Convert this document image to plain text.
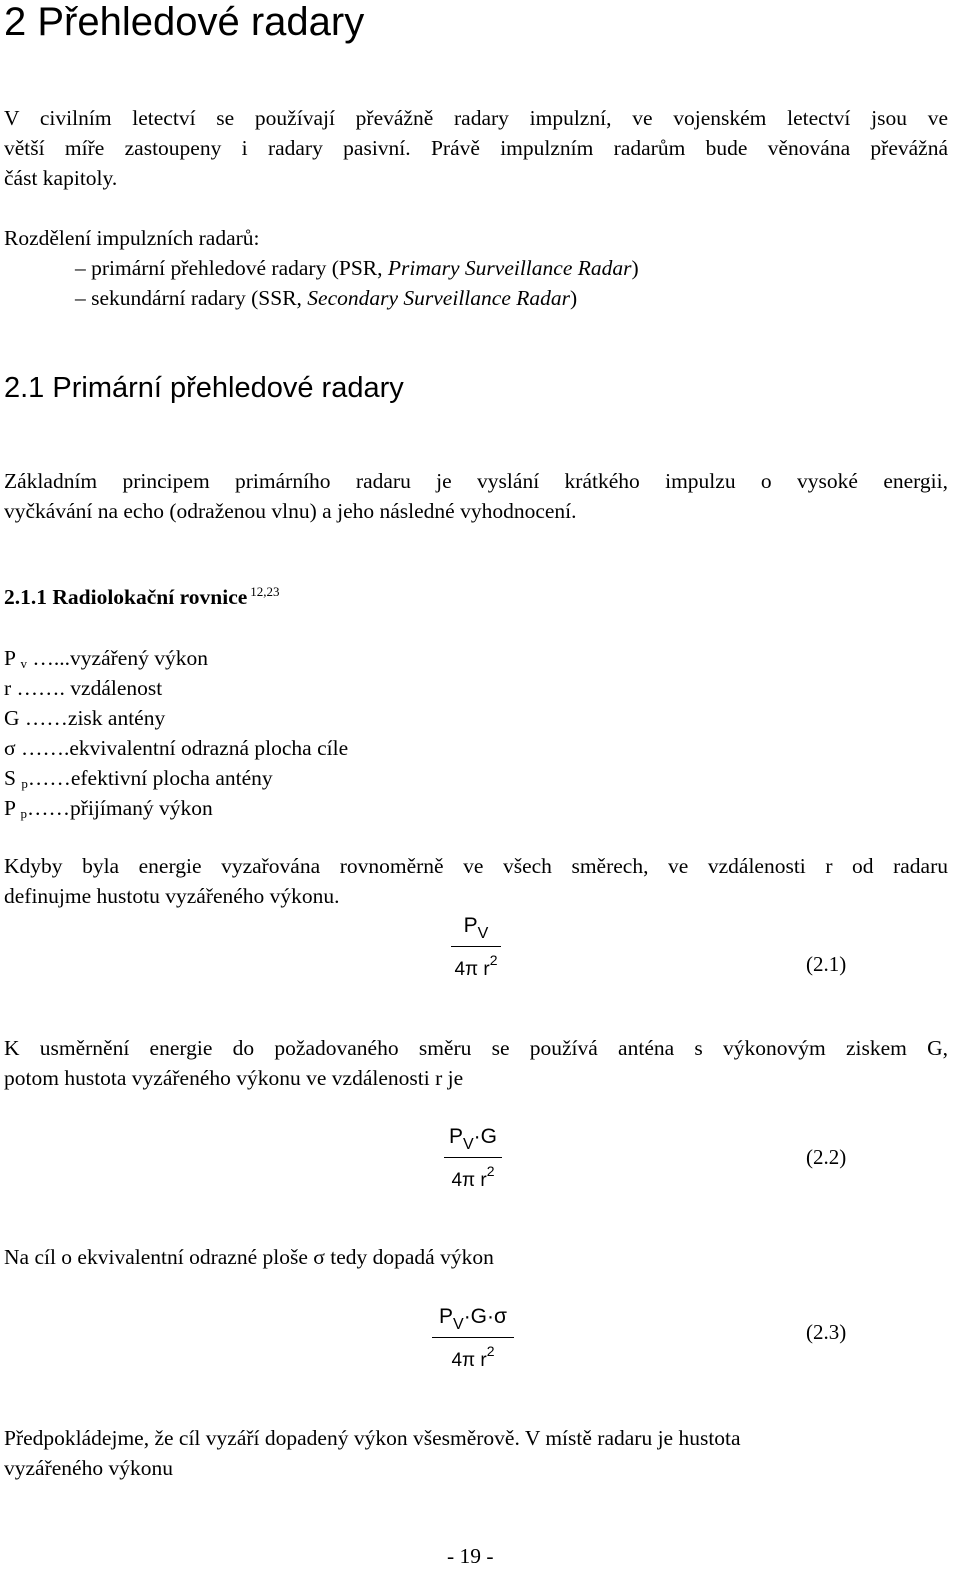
2 Přehledové radary
V civilním letectví se používají převážně radary impulzní, ve vojenském letectví jsou ve
větší míře zastoupeny i radary pasivní. Právě impulzním radarům bude věnována převážná
část kapitoly.
Rozdělení impulzních radarů:
– primární přehledové radary (PSR, Primary Surveillance Radar)
– sekundární radary (SSR, Secondary Surveillance Radar)
2.1 Primární přehledové radary
Základním principem primárního radaru je vyslání krátkého impulzu o vysoké energii,
vyčkávání na echo (odraženou vlnu) a jeho následné vyhodnocení.
2.1.1 Radiolokační rovnice $^{12,23}$
P v …...vyzářený výkon
r ……. vzdálenost
G ……zisk antény
σ …….ekvivalentní odrazná plocha cíle
S p……efektivní plocha antény
P p……přijímaný výkon
Kdyby byla energie vyzařována rovnoměrně ve všech směrech, ve vzdálenosti r od radaru
definujme hustotu vyzářeného výkonu.
$P_V$
4π $r^2$	(2.1)
K usměrnění energie do požadovaného směru se používá anténa s výkonovým ziskem G,
potom hustota vyzářeného výkonu ve vzdálenosti r je
$P_V\cdot G$
4π $r^2$
(2.2)
Na cíl o ekvivalentní odrazné ploše σ tedy dopadá výkon
$P_V\cdot G\cdot\sigma$
4π $r^2$
(2.3)
Předpokládejme, že cíl vyzáří dopadený výkon všesměrově. V místě radaru je hustota
vyzářeného výkonu
- 19 -
